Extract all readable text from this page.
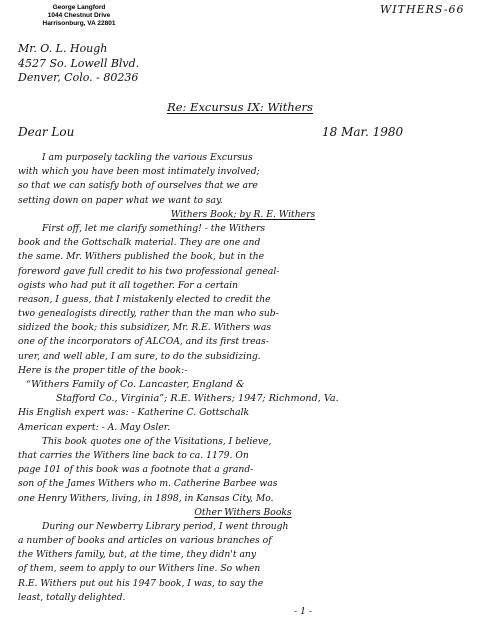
George Langford
1044 Chestnut Drive
Harrisonburg, VA 22801
WITHERS-66
Mr. O. L. Hough
4527 So. Lowell Blvd.
Denver, Colo. - 80236
Re: Excursus IX: Withers
Dear Lou	18 Mar. 1980
I am purposely tackling the various Excursus
with which you have been most intimately involved;
so that we can satisfy both of ourselves that we are
setting down on paper what we want to say.
Withers Book; by R. E. Withers
First off, let me clarify something! - the Withers
book and the Gottschalk material. They are one and
the same. Mr. Withers published the book, but in the
foreword gave full credit to his two professional geneal-
ogists who had put it all together. For a certain
reason, I guess, that I mistakenly elected to credit the
two genealogists directly, rather than the man who sub-
sidized the book; this subsidizer, Mr. R.E. Withers was
one of the incorporators of ALCOA, and its first treas-
urer, and well able, I am sure, to do the subsidizing.
Here is the proper title of the book:-
“Withers Family of Co. Lancaster, England &
Stafford Co., Virginia”; R.E. Withers; 1947; Richmond, Va.
His English expert was: - Katherine C. Gottschalk
American expert: - A. May Osler.
This book quotes one of the Visitations, I believe,
that carries the Withers line back to ca. 1179. On
page 101 of this book was a footnote that a grand-
son of the James Withers who m. Catherine Barbee was
one Henry Withers, living, in 1898, in Kansas City, Mo.
Other Withers Books
During our Newberry Library period, I went through
a number of books and articles on various branches of
the Withers family, but, at the time, they didn't any
of them, seem to apply to our Withers line. So when
R.E. Withers put out his 1947 book, I was, to say the
least, totally delighted.
- 1 -
